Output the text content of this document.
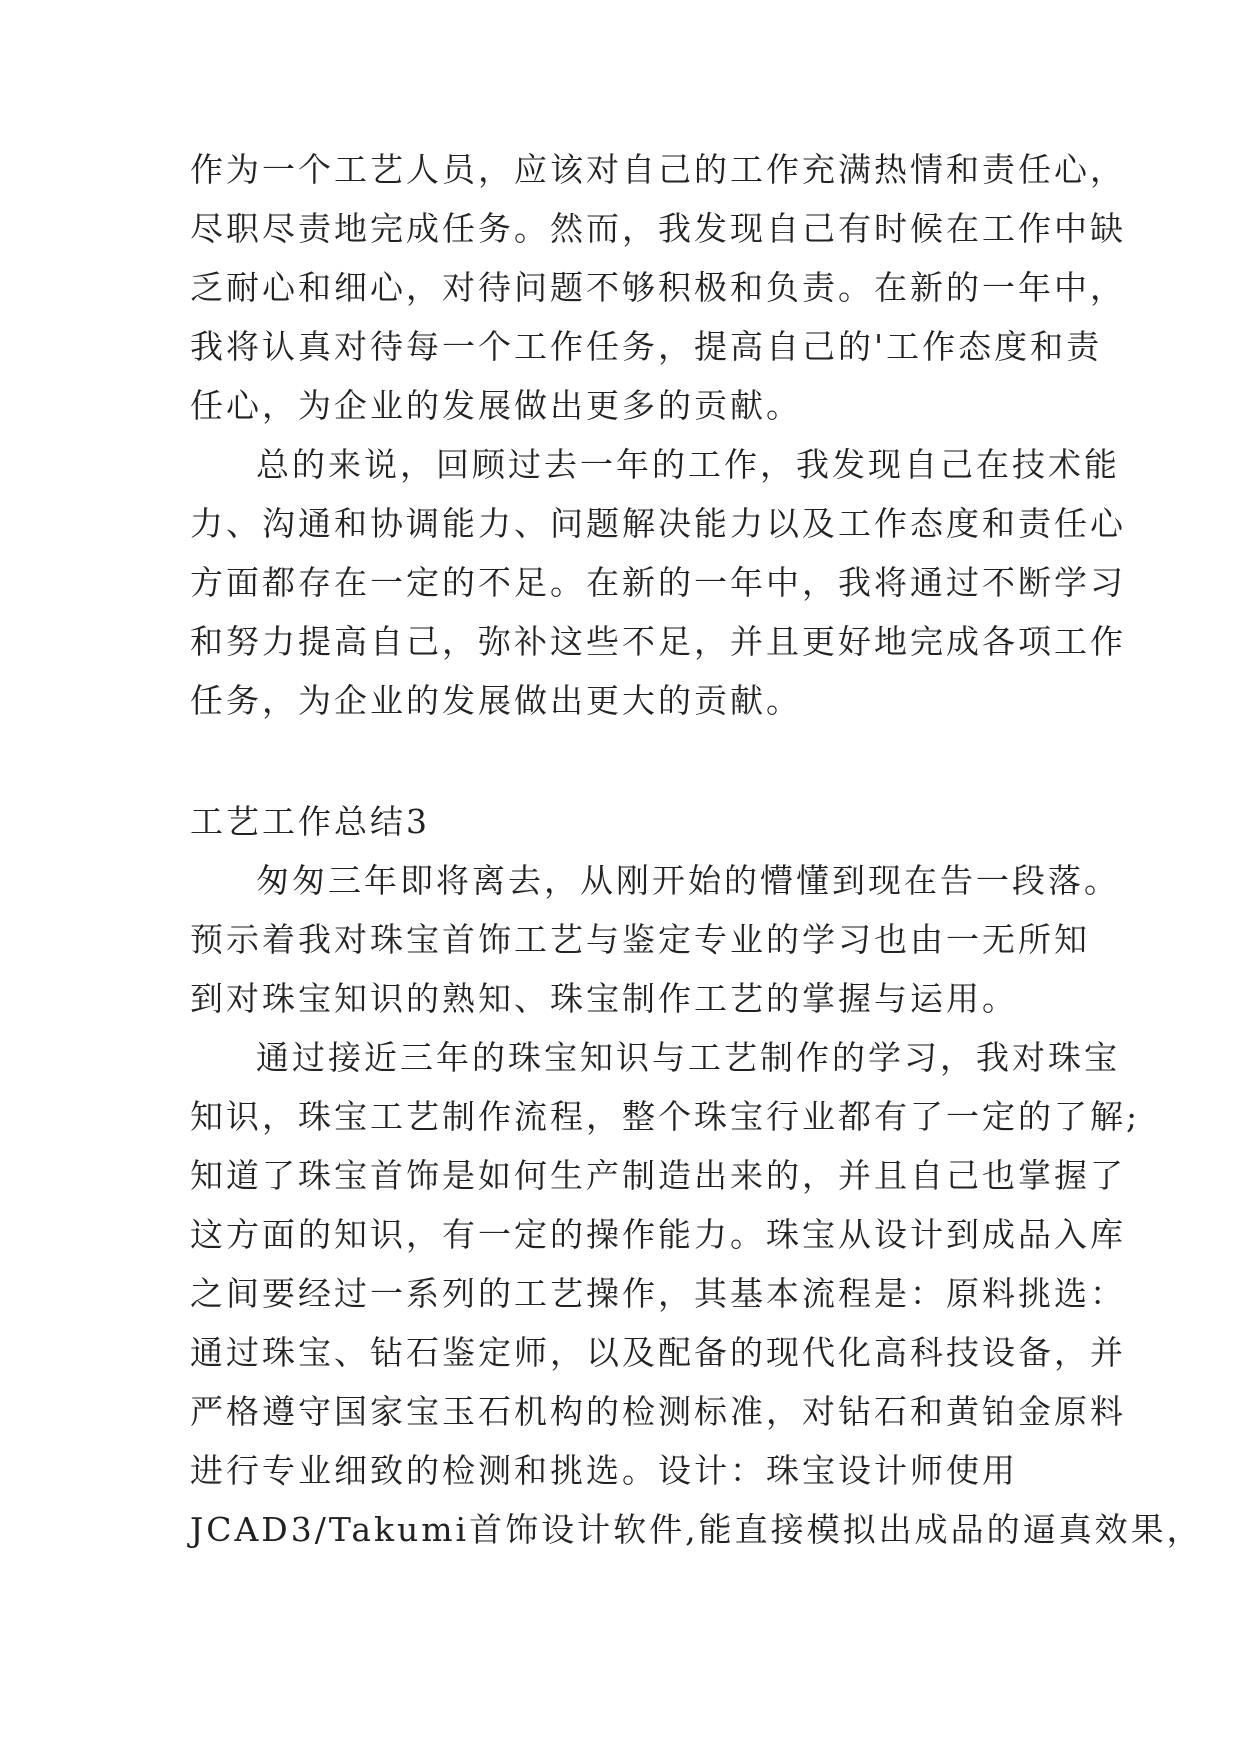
作为一个工艺人员，应该对自己的工作充满热情和责任心，
尽职尽责地完成任务。然而，我发现自己有时候在工作中缺
乏耐心和细心，对待问题不够积极和负责。在新的一年中，
我将认真对待每一个工作任务，提高自己的'工作态度和责
任心，为企业的发展做出更多的贡献。
总的来说，回顾过去一年的工作，我发现自己在技术能
力、沟通和协调能力、问题解决能力以及工作态度和责任心
方面都存在一定的不足。在新的一年中，我将通过不断学习
和努力提高自己，弥补这些不足，并且更好地完成各项工作
任务，为企业的发展做出更大的贡献。
工艺工作总结3
匆匆三年即将离去，从刚开始的懵懂到现在告一段落。
预示着我对珠宝首饰工艺与鉴定专业的学习也由一无所知
到对珠宝知识的熟知、珠宝制作工艺的掌握与运用。
通过接近三年的珠宝知识与工艺制作的学习，我对珠宝
知识，珠宝工艺制作流程，整个珠宝行业都有了一定的了解;
知道了珠宝首饰是如何生产制造出来的，并且自己也掌握了
这方面的知识，有一定的操作能力。珠宝从设计到成品入库
之间要经过一系列的工艺操作，其基本流程是：原料挑选：
通过珠宝、钻石鉴定师，以及配备的现代化高科技设备，并
严格遵守国家宝玉石机构的检测标准，对钻石和黄铂金原料
进行专业细致的检测和挑选。设计：珠宝设计师使用
JCAD3/Takumi首饰设计软件,能直接模拟出成品的逼真效果，
